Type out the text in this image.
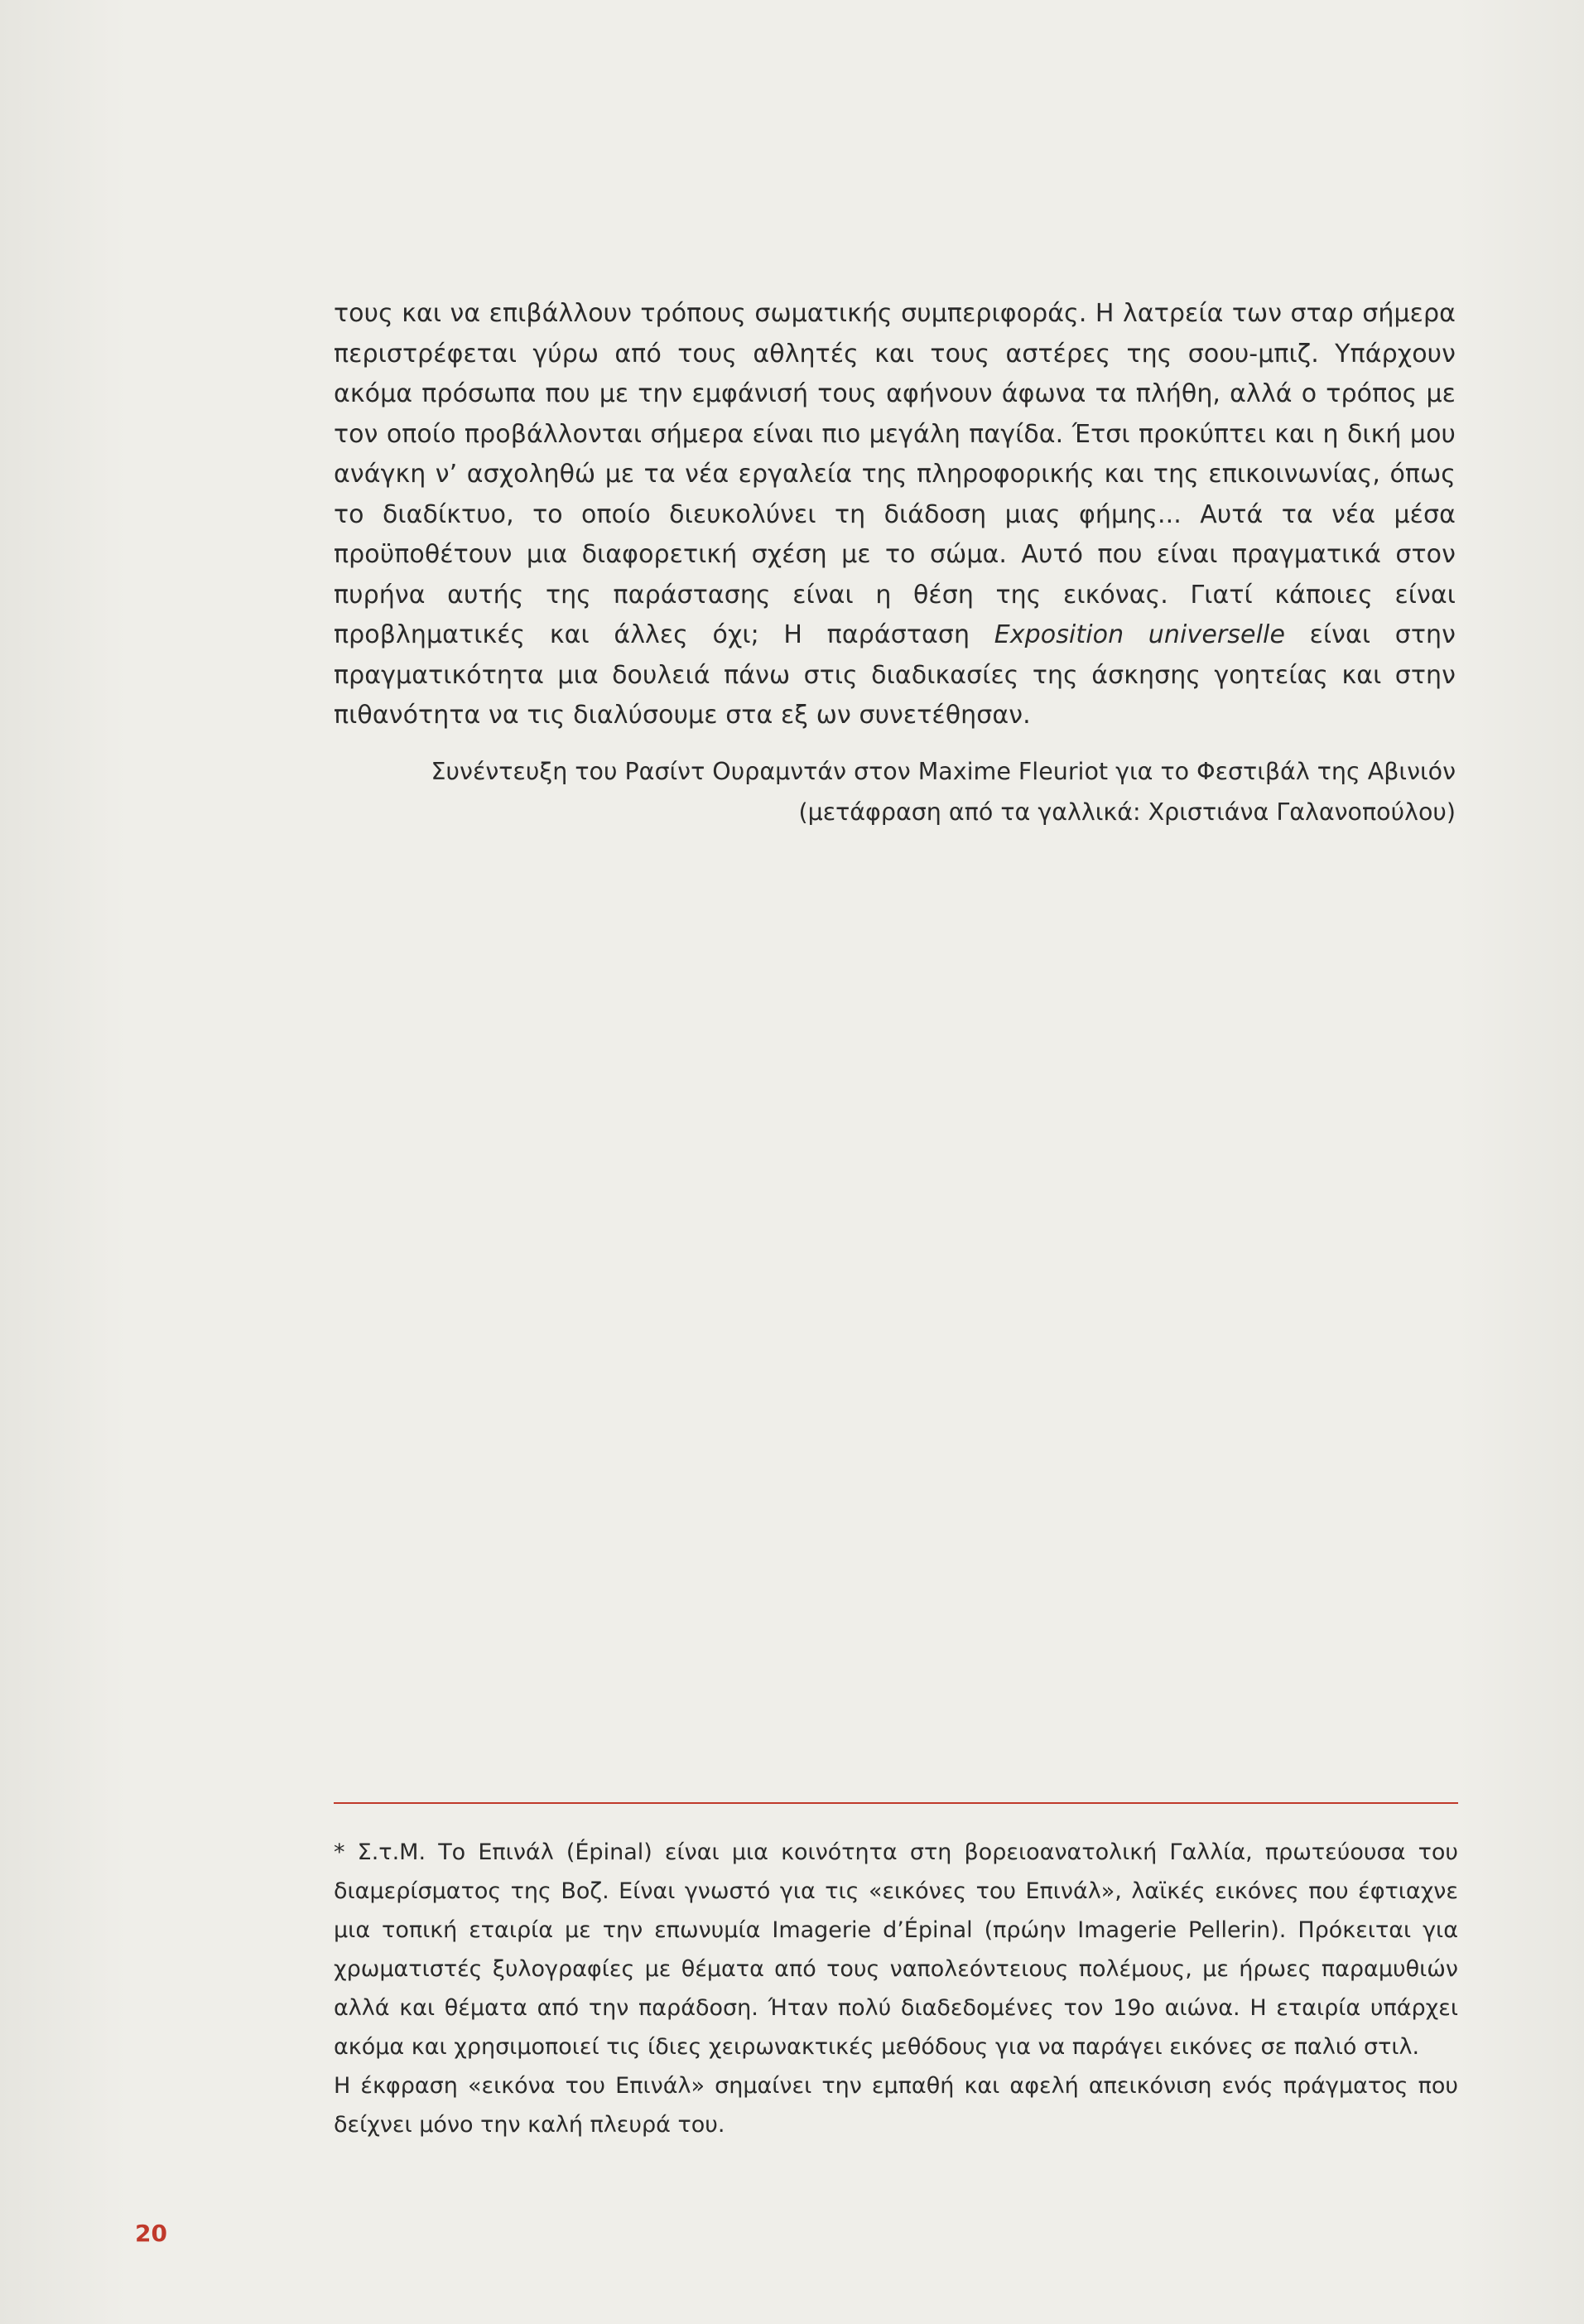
τους και να επιβάλλουν τρόπους σωματικής συμπεριφοράς. Η λατρεία των σταρ σήμερα περιστρέφεται γύρω από τους αθλητές και τους αστέρες της σοου-μπιζ. Υπάρχουν ακόμα πρόσωπα που με την εμφάνισή τους αφήνουν άφωνα τα πλήθη, αλλά ο τρόπος με τον οποίο προβάλλονται σήμερα είναι πιο μεγάλη παγίδα. Έτσι προκύπτει και η δική μου ανάγκη ν’ ασχοληθώ με τα νέα εργαλεία της πληροφορικής και της επικοινωνίας, όπως το διαδίκτυο, το οποίο διευκολύνει τη διάδοση μιας φήμης... Αυτά τα νέα μέσα προϋποθέτουν μια διαφορετική σχέση με το σώμα. Αυτό που είναι πραγματικά στον πυρήνα αυτής της παράστασης είναι η θέση της εικόνας. Γιατί κάποιες είναι προβληματικές και άλλες όχι; Η παράσταση Exposition universelle είναι στην πραγματικότητα μια δουλειά πάνω στις διαδικασίες της άσκησης γοητείας και στην πιθανότητα να τις διαλύσουμε στα εξ ων συνετέθησαν.
Συνέντευξη του Ρασίντ Ουραμντάν στον Maxime Fleuriot για το Φεστιβάλ της Αβινιόν
(μετάφραση από τα γαλλικά: Χριστιάνα Γαλανοπούλου)

* Σ.τ.Μ. Το Επινάλ (Épinal) είναι μια κοινότητα στη βορειοανατολική Γαλλία, πρωτεύουσα του διαμερίσματος της Βοζ. Είναι γνωστό για τις «εικόνες του Επινάλ», λαϊκές εικόνες που έφτιαχνε μια τοπική εταιρία με την επωνυμία Imagerie d’Épinal (πρώην Imagerie Pellerin). Πρόκειται για χρωματιστές ξυλογραφίες με θέματα από τους ναπολεόντειους πολέμους, με ήρωες παραμυθιών αλλά και θέματα από την παράδοση. Ήταν πολύ διαδεδομένες τον 19ο αιώνα. Η εταιρία υπάρχει ακόμα και χρησιμοποιεί τις ίδιες χειρωνακτικές μεθόδους για να παράγει εικόνες σε παλιό στιλ.

Η έκφραση «εικόνα του Επινάλ» σημαίνει την εμπαθή και αφελή απεικόνιση ενός πράγματος που δείχνει μόνο την καλή πλευρά του.

20
